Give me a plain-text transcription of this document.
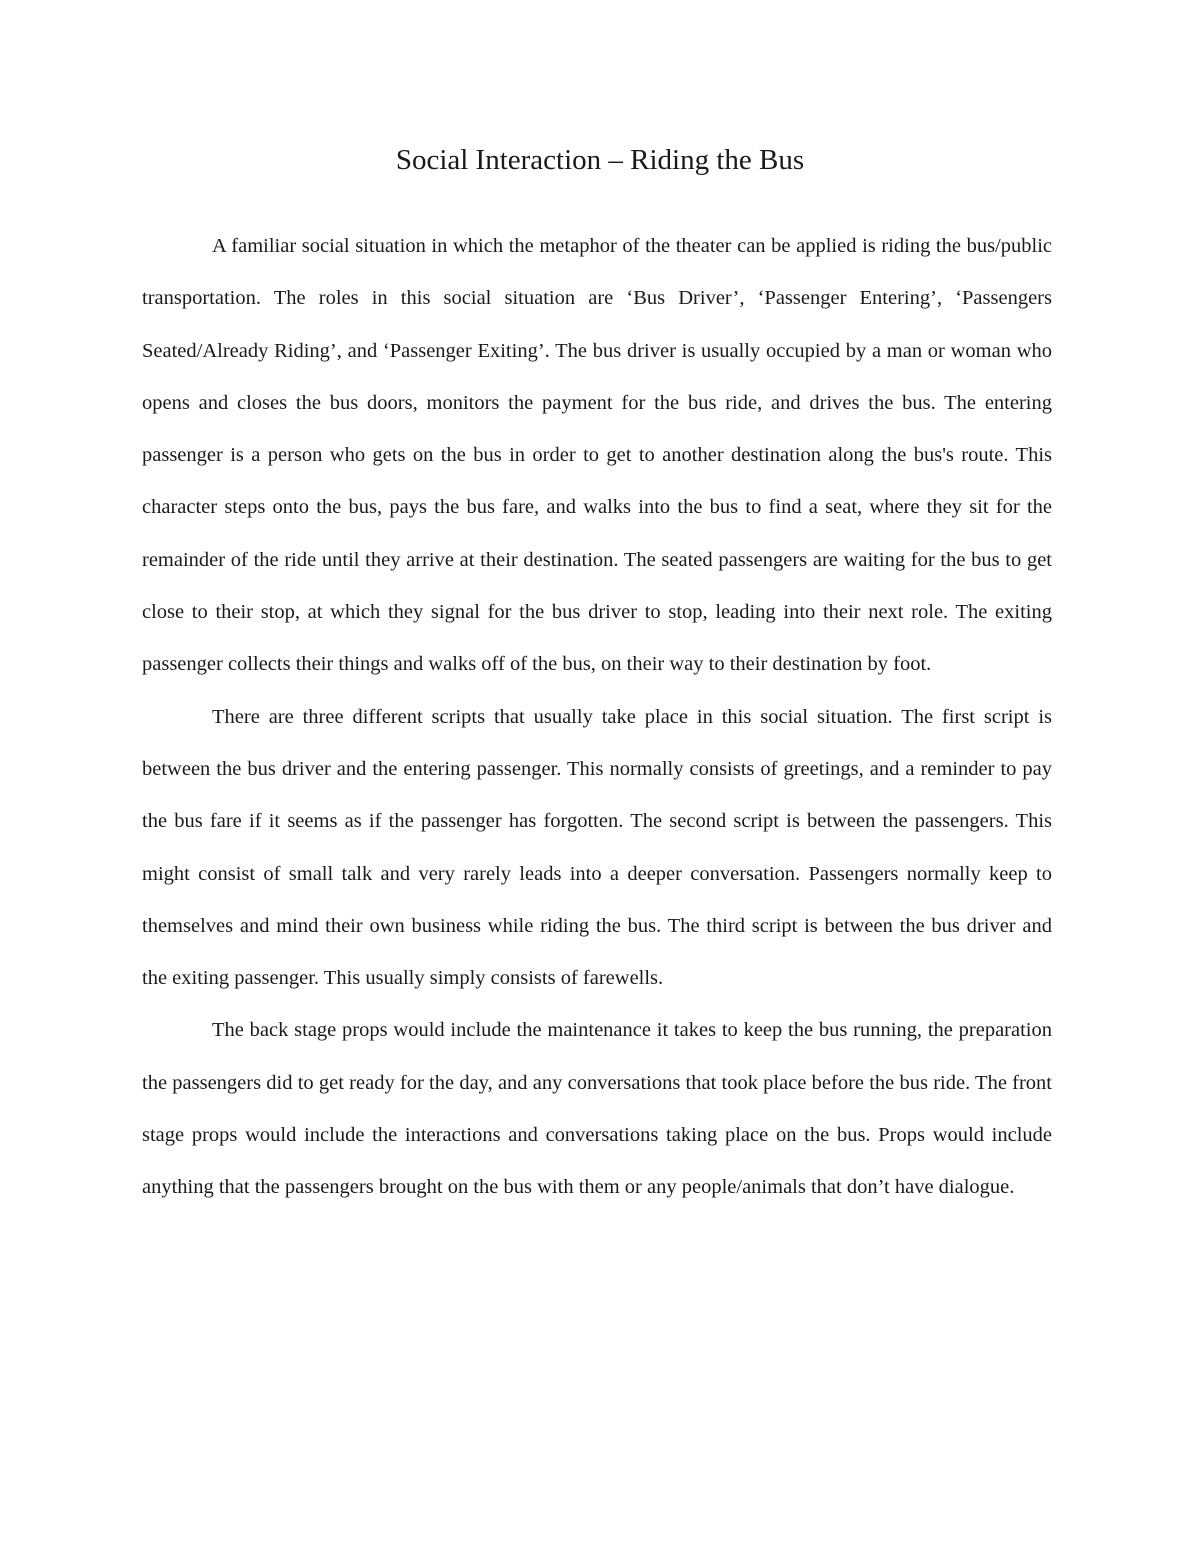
Social Interaction – Riding the Bus

A familiar social situation in which the metaphor of the theater can be applied is riding the bus/public transportation. The roles in this social situation are ‘Bus Driver’, ‘Passenger Entering’, ‘Passengers Seated/Already Riding’, and ‘Passenger Exiting’. The bus driver is usually occupied by a man or woman who opens and closes the bus doors, monitors the payment for the bus ride, and drives the bus. The entering passenger is a person who gets on the bus in order to get to another destination along the bus's route. This character steps onto the bus, pays the bus fare, and walks into the bus to find a seat, where they sit for the remainder of the ride until they arrive at their destination. The seated passengers are waiting for the bus to get close to their stop, at which they signal for the bus driver to stop, leading into their next role. The exiting passenger collects their things and walks off of the bus, on their way to their destination by foot.

There are three different scripts that usually take place in this social situation. The first script is between the bus driver and the entering passenger. This normally consists of greetings, and a reminder to pay the bus fare if it seems as if the passenger has forgotten. The second script is between the passengers. This might consist of small talk and very rarely leads into a deeper conversation. Passengers normally keep to themselves and mind their own business while riding the bus. The third script is between the bus driver and the exiting passenger. This usually simply consists of farewells.

The back stage props would include the maintenance it takes to keep the bus running, the preparation the passengers did to get ready for the day, and any conversations that took place before the bus ride. The front stage props would include the interactions and conversations taking place on the bus. Props would include anything that the passengers brought on the bus with them or any people/animals that don’t have dialogue.
